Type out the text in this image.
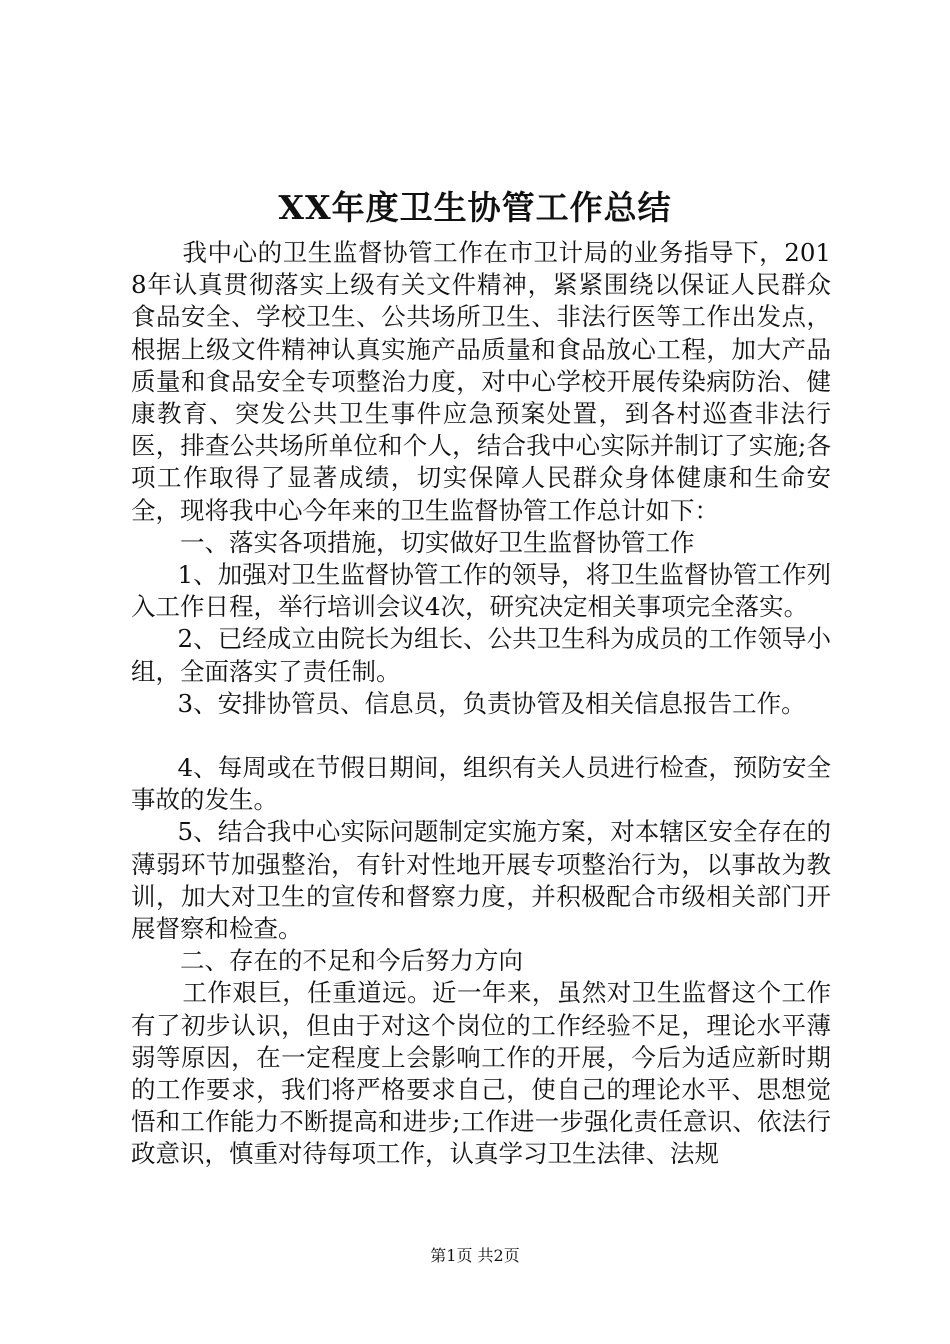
XX年度卫生协管工作总结

我中心的卫生监督协管工作在市卫计局的业务指导下，2018年认真贯彻落实上级有关文件精神，紧紧围绕以保证人民群众食品安全、学校卫生、公共场所卫生、非法行医等工作出发点，根据上级文件精神认真实施产品质量和食品放心工程，加大产品质量和食品安全专项整治力度，对中心学校开展传染病防治、健康教育、突发公共卫生事件应急预案处置，到各村巡查非法行医，排查公共场所单位和个人，结合我中心实际并制订了实施;各项工作取得了显著成绩，切实保障人民群众身体健康和生命安全，现将我中心今年来的卫生监督协管工作总计如下：

一、落实各项措施，切实做好卫生监督协管工作

1、加强对卫生监督协管工作的领导，将卫生监督协管工作列入工作日程，举行培训会议4次，研究决定相关事项完全落实。

2、已经成立由院长为组长、公共卫生科为成员的工作领导小组，全面落实了责任制。

3、安排协管员、信息员，负责协管及相关信息报告工作。

4、每周或在节假日期间，组织有关人员进行检查，预防安全事故的发生。

5、结合我中心实际问题制定实施方案，对本辖区安全存在的薄弱环节加强整治，有针对性地开展专项整治行为，以事故为教训，加大对卫生的宣传和督察力度，并积极配合市级相关部门开展督察和检查。

二、存在的不足和今后努力方向

工作艰巨，任重道远。近一年来，虽然对卫生监督这个工作有了初步认识，但由于对这个岗位的工作经验不足，理论水平薄弱等原因，在一定程度上会影响工作的开展，今后为适应新时期的工作要求，我们将严格要求自己，使自己的理论水平、思想觉悟和工作能力不断提高和进步;工作进一步强化责任意识、依法行政意识，慎重对待每项工作，认真学习卫生法律、法规

第1页 共2页
